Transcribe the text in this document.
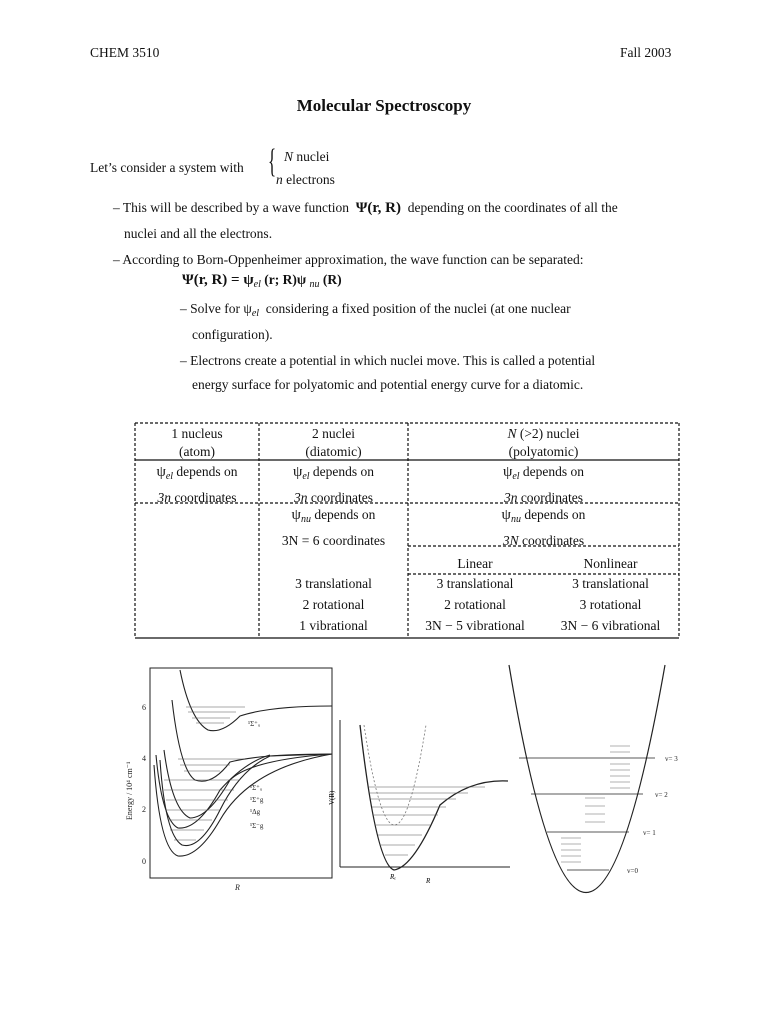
CHEM 3510	Fall 2003
Molecular Spectroscopy
Let’s consider a system with { N nuclei
n electrons
– This will be described by a wave function Ψ(r, R) depending on the coordinates of all the
nuclei and all the electrons.
– According to Born-Oppenheimer approximation, the wave function can be separated:
Ψ(r, $R) = \psi_{el}$ (r; R)ψ $_{nu}$ (R)
– Solve for $\psi_{el}$ considering a fixed position of the nuclei (at one nuclear
configuration).
– Electrons create a potential in which nuclei move. This is called a potential
energy surface for polyatomic and potential energy curve for a diatomic.
1 nucleus
(atom)
2 nuclei
(diatomic)
N (>2) nuclei
(polyatomic)
$\psi_{el}$ depends on
3n coordinates
$\psi_{el}$ depends on
3n coordinates
$\psi_{el}$ depends on
3n coordinates
$\psi_{nu}$ depends on
3N = 6 coordinates
$\psi_{nu}$ depends on
3N coordinates
Linear	Nonlinear
3 translational
2 rotational
1 vibrational
3 translational
2 rotational
3N − 5 vibrational
3 translational
3 rotational
3N − 6 vibrational
6
4
2
0
R
Energy / 10⁴ cm⁻¹
¹Σ⁺ᵤ
¹Σ⁺ᵤ
¹Σ⁺g
¹Δg
¹Σ⁻g
V(R)
R
Rₑ
v= 3
v= 2
v= 1
v=0
